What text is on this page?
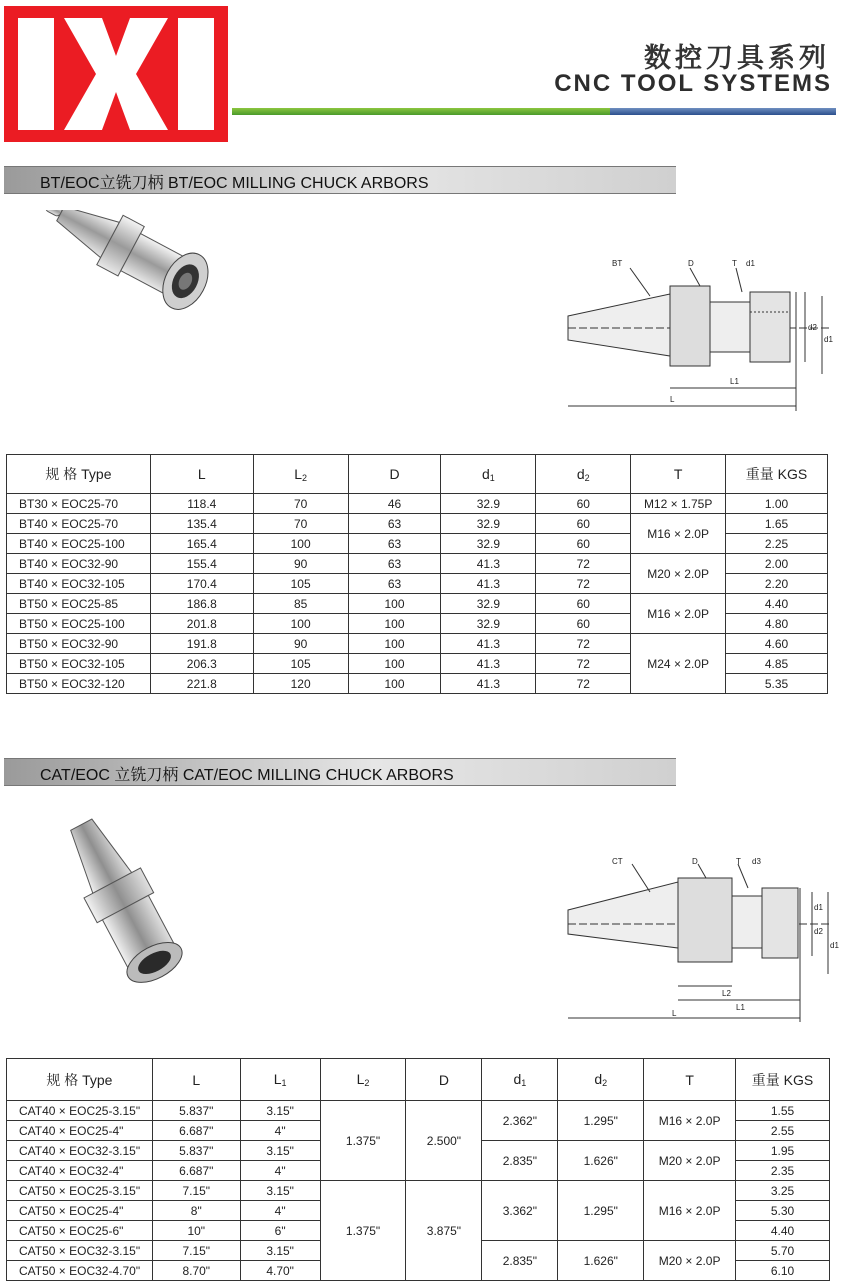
数控刀具系列
CNC TOOL SYSTEMS
BT/EOC立铣刀柄 BT/EOC MILLING CHUCK ARBORS
BT	D	T d1
d2
d1
L1
L
规 格 Type	L	$L_2$	D	$d_1$	$d_2$	T	重量 KGS
BT30 × EOC25-70	118.4	70	46	32.9	60	M12 × 1.75P	1.00
BT40 × EOC25-70	135.4	70	63	32.9	60	M16 × 2.0P	1.65
BT40 × EOC25-100	165.4	100	63	32.9	60		2.25
BT40 × EOC32-90	155.4	90	63	41.3	72	M20 × 2.0P	2.00
BT40 × EOC32-105	170.4	105	63	41.3	72		2.20
BT50 × EOC25-85	186.8	85	100	32.9	60	M16 × 2.0P	4.40
BT50 × EOC25-100	201.8	100	100	32.9	60		4.80
BT50 × EOC32-90	191.8	90	100	41.3	72	M24 × 2.0P	4.60
BT50 × EOC32-105	206.3	105	100	41.3	72		4.85
BT50 × EOC32-120	221.8	120	100	41.3	72		5.35
CAT/EOC 立铣刀柄 CAT/EOC MILLING CHUCK ARBORS
CT	D	T d3
d1
d2
d1
L2
L1
L
规 格 Type	L	$L_1$	$L_2$	D	$d_1$	$d_2$	T	重量 KGS
CAT40 × EOC25-3.15"	5.837"	3.15"	1.375"	2.500"	2.362"	1.295"	M16 × 2.0P	1.55
CAT40 × EOC25-4"	6.687"	4"						2.55
CAT40 × EOC32-3.15"	5.837"	3.15"			2.835"	1.626"	M20 × 2.0P	1.95
CAT40 × EOC32-4"	6.687"	4"						2.35
CAT50 × EOC25-3.15"	7.15"	3.15"	1.375"	3.875"	3.362"	1.295"	M16 × 2.0P	3.25
CAT50 × EOC25-4"	8"	4"						5.30
CAT50 × EOC25-6"	10"	6"						4.40
CAT50 × EOC32-3.15"	7.15"	3.15"			2.835"	1.626"	M20 × 2.0P	5.70
CAT50 × EOC32-4.70"	8.70"	4.70"						6.10
